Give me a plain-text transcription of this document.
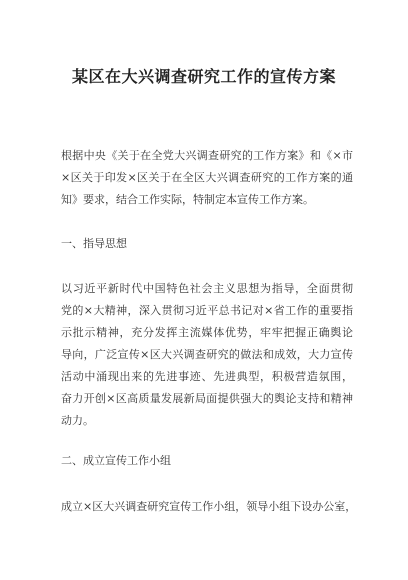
某区在大兴调查研究工作的宣传方案
根据中央《关于在全党大兴调查研究的工作方案》和《×市
×区关于印发×区关于在全区大兴调查研究的工作方案的通
知》要求，结合工作实际，特制定本宣传工作方案。
一、指导思想
以习近平新时代中国特色社会主义思想为指导，全面贯彻
党的×大精神，深入贯彻习近平总书记对×省工作的重要指
示批示精神，充分发挥主流媒体优势，牢牢把握正确舆论
导向，广泛宣传×区大兴调查研究的做法和成效，大力宣传
活动中涌现出来的先进事迹、先进典型，积极营造氛围，
奋力开创×区高质量发展新局面提供强大的舆论支持和精神
动力。
二、成立宣传工作小组
成立×区大兴调查研究宣传工作小组，领导小组下设办公室，
